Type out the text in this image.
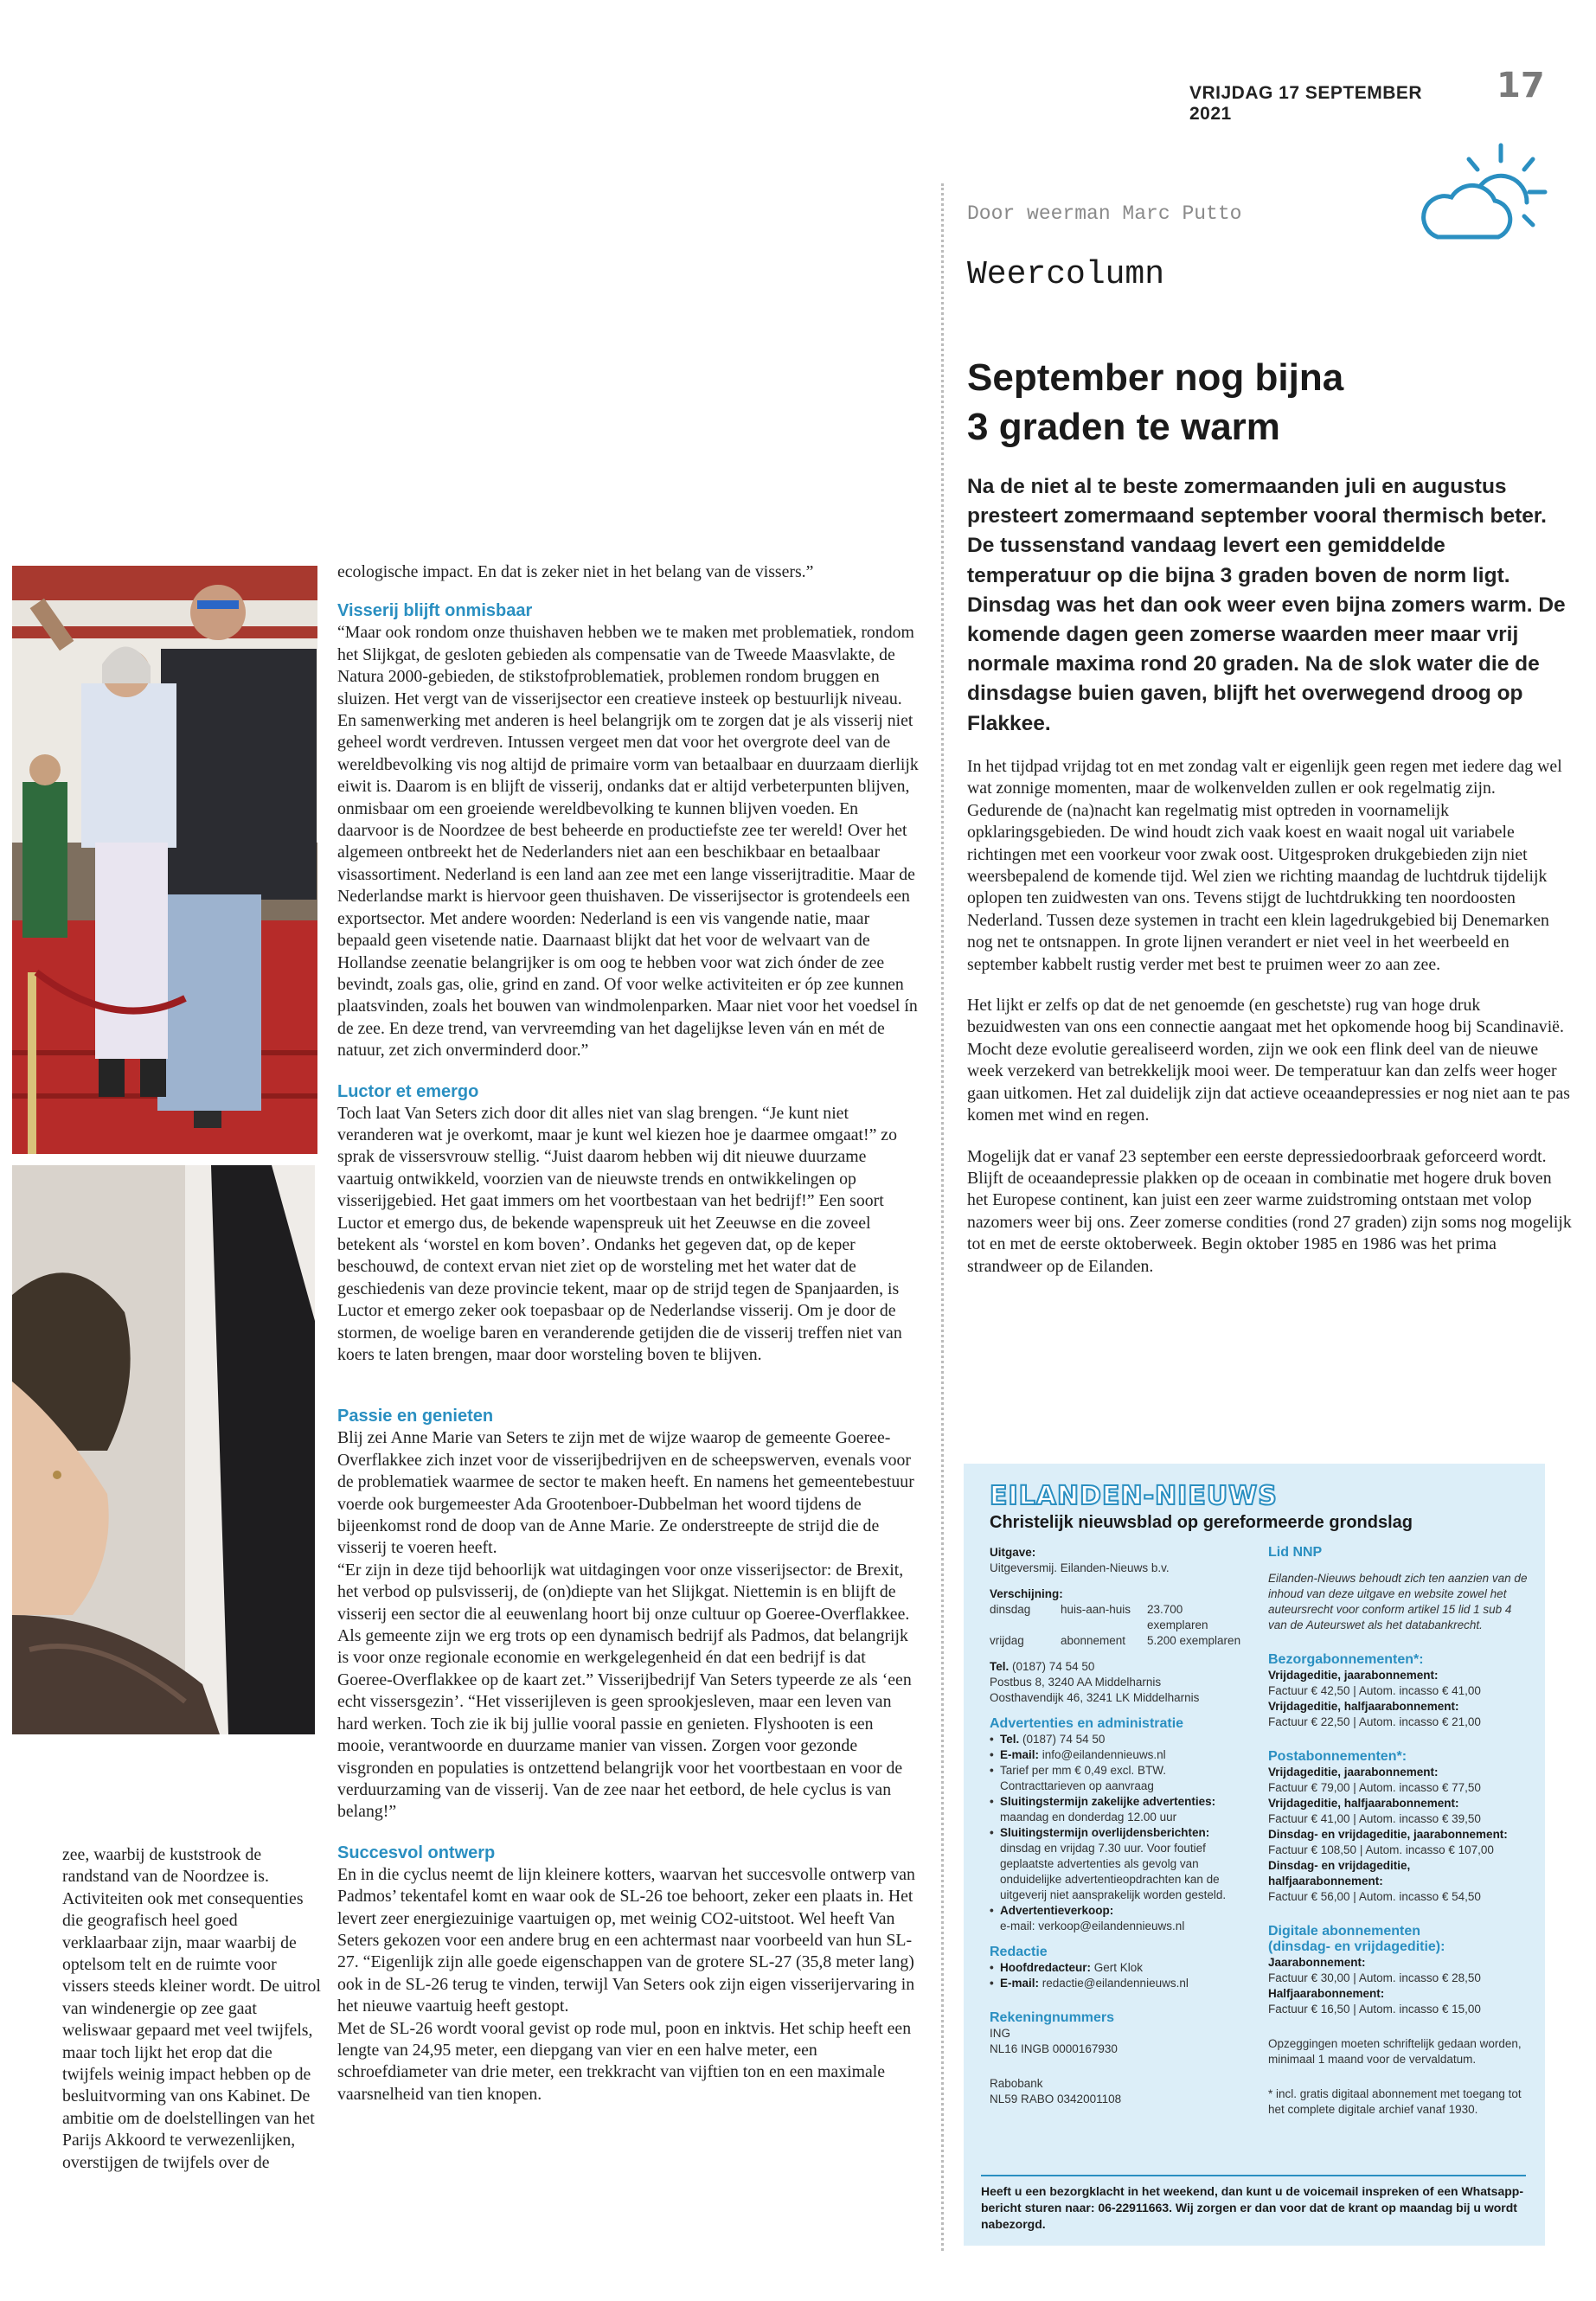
VRIJDAG 17 SEPTEMBER 2021
17
Door weerman Marc Putto
Weercolumn
September nog bijna
3 graden te warm
Na de niet al te beste zomermaanden juli en augustus presteert zomermaand september vooral thermisch beter. De tussenstand vandaag levert een gemiddelde temperatuur op die bijna 3 graden boven de norm ligt. Dinsdag was het dan ook weer even bijna zomers warm. De komende dagen geen zomerse waarden meer maar vrij normale maxima rond 20 graden. Na de slok water die de dinsdagse buien gaven, blijft het overwegend droog op Flakkee.

In het tijdpad vrijdag tot en met zondag valt er eigenlijk geen regen met iedere dag wel wat zonnige momenten, maar de wolkenvelden zullen er ook regelmatig zijn. Gedurende de (na)nacht kan regelmatig mist optreden in voornamelijk opklaringsgebieden. De wind houdt zich vaak koest en waait nogal uit variabele richtingen met een voorkeur voor zwak oost. Uitgesproken drukgebieden zijn niet weersbepalend de komende tijd. Wel zien we richting maandag de luchtdruk tijdelijk oplopen ten zuidwesten van ons. Tevens stijgt de luchtdrukking ten noordoosten Nederland. Tussen deze systemen in tracht een klein lagedrukgebied bij Denemarken nog net te ontsnappen. In grote lijnen verandert er niet veel in het weerbeeld en september kabbelt rustig verder met best te pruimen weer zo aan zee.

Het lijkt er zelfs op dat de net genoemde (en geschetste) rug van hoge druk bezuidwesten van ons een connectie aangaat met het opkomende hoog bij Scandinavië. Mocht deze evolutie gerealiseerd worden, zijn we ook een flink deel van de nieuwe week verzekerd van betrekkelijk mooi weer. De temperatuur kan dan zelfs weer hoger gaan uitkomen. Het zal duidelijk zijn dat actieve oceaandepressies er nog niet aan te pas komen met wind en regen.

Mogelijk dat er vanaf 23 september een eerste depressiedoorbraak geforceerd wordt. Blijft de oceaandepressie plakken op de oceaan in combinatie met hogere druk boven het Europese continent, kan juist een zeer warme zuidstroming ontstaan met volop nazomers weer bij ons. Zeer zomerse condities (rond 27 graden) zijn soms nog mogelijk tot en met de eerste oktoberweek. Begin oktober 1985 en 1986 was het prima strandweer op de Eilanden.

zee, waarbij de kuststrook de randstand van de Noordzee is. Activiteiten ook met consequenties die geografisch heel goed verklaarbaar zijn, maar waarbij de optelsom telt en de ruimte voor vissers steeds kleiner wordt. De uitrol van windenergie op zee gaat weliswaar gepaard met veel twijfels, maar toch lijkt het erop dat die twijfels weinig impact hebben op de besluitvorming van ons Kabinet. De ambitie om de doelstellingen van het Parijs Akkoord te verwezenlijken, overstijgen de twijfels over de

ecologische impact. En dat is zeker niet in het belang van de vissers.”

Visserij blijft onmisbaar

“Maar ook rondom onze thuishaven hebben we te maken met problematiek, rondom het Slijkgat, de gesloten gebieden als compensatie van de Tweede Maasvlakte, de Natura 2000-gebieden, de stikstofproblematiek, problemen rondom bruggen en sluizen. Het vergt van de visserijsector een creatieve insteek op bestuurlijk niveau. En samenwerking met anderen is heel belangrijk om te zorgen dat je als visserij niet geheel wordt verdreven. Intussen vergeet men dat voor het overgrote deel van de wereldbevolking vis nog altijd de primaire vorm van betaalbaar en duurzaam dierlijk eiwit is. Daarom is en blijft de visserij, ondanks dat er altijd verbeterpunten blijven, onmisbaar om een groeiende wereldbevolking te kunnen blijven voeden. En daarvoor is de Noordzee de best beheerde en productiefste zee ter wereld! Over het algemeen ontbreekt het de Nederlanders niet aan een beschikbaar en betaalbaar visassortiment. Nederland is een land aan zee met een lange visserijtraditie. Maar de Nederlandse markt is hiervoor geen thuishaven. De visserijsector is grotendeels een exportsector. Met andere woorden: Nederland is een vis vangende natie, maar bepaald geen visetende natie. Daarnaast blijkt dat het voor de welvaart van de Hollandse zeenatie belangrijker is om oog te hebben voor wat zich ónder de zee bevindt, zoals gas, olie, grind en zand. Of voor welke activiteiten er óp zee kunnen plaatsvinden, zoals het bouwen van windmolenparken. Maar niet voor het voedsel ín de zee. En deze trend, van vervreemding van het dagelijkse leven ván en mét de natuur, zet zich onverminderd door.”

Luctor et emergo

Toch laat Van Seters zich door dit alles niet van slag brengen. “Je kunt niet veranderen wat je overkomt, maar je kunt wel kiezen hoe je daarmee omgaat!” zo sprak de vissersvrouw stellig. “Juist daarom hebben wij dit nieuwe duurzame vaartuig ontwikkeld, voorzien van de nieuwste trends en ontwikkelingen op visserijgebied. Het gaat immers om het voortbestaan van het bedrijf!” Een soort Luctor et emergo dus, de bekende wapenspreuk uit het Zeeuwse en die zoveel betekent als ‘worstel en kom boven’. Ondanks het gegeven dat, op de keper beschouwd, de context ervan niet ziet op de worsteling met het water dat de geschiedenis van deze provincie tekent, maar op de strijd tegen de Spanjaarden, is Luctor et emergo zeker ook toepasbaar op de Nederlandse visserij. Om je door de stormen, de woelige baren en veranderende getijden die de visserij treffen niet van koers te laten brengen, maar door worsteling boven te blijven.

Passie en genieten

Blij zei Anne Marie van Seters te zijn met de wijze waarop de gemeente Goeree-Overflakkee zich inzet voor de visserijbedrijven en de scheepswerven, evenals voor de problematiek waarmee de sector te maken heeft. En namens het gemeentebestuur voerde ook burgemeester Ada Grootenboer-Dubbelman het woord tijdens de bijeenkomst rond de doop van de Anne Marie. Ze onderstreepte de strijd die de visserij te voeren heeft.

“Er zijn in deze tijd behoorlijk wat uitdagingen voor onze visserijsector: de Brexit, het verbod op pulsvisserij, de (on)diepte van het Slijkgat. Niettemin is en blijft de visserij een sector die al eeuwenlang hoort bij onze cultuur op Goeree-Overflakkee. Als gemeente zijn we erg trots op een dynamisch bedrijf als Padmos, dat belangrijk is voor onze regionale economie en werkgelegenheid én dat een bedrijf is dat Goeree-Overflakkee op de kaart zet.” Visserijbedrijf Van Seters typeerde ze als ‘een echt vissersgezin’. “Het visserijleven is geen sprookjesleven, maar een leven van hard werken. Toch zie ik bij jullie vooral passie en genieten. Flyshooten is een mooie, verantwoorde en duurzame manier van vissen. Zorgen voor gezonde visgronden en populaties is ontzettend belangrijk voor het voortbestaan en voor de verduurzaming van de visserij. Van de zee naar het eetbord, de hele cyclus is van belang!”

Succesvol ontwerp

En in die cyclus neemt de lijn kleinere kotters, waarvan het succesvolle ontwerp van Padmos’ tekentafel komt en waar ook de SL-26 toe behoort, zeker een plaats in. Het levert zeer energiezuinige vaartuigen op, met weinig CO2-uitstoot. Wel heeft Van Seters gekozen voor een andere brug en een achtermast naar voorbeeld van hun SL-27. “Eigenlijk zijn alle goede eigenschappen van de grotere SL-27 (35,8 meter lang) ook in de SL-26 terug te vinden, terwijl Van Seters ook zijn eigen visserijervaring in het nieuwe vaartuig heeft gestopt.

Met de SL-26 wordt vooral gevist op rode mul, poon en inktvis. Het schip heeft een lengte van 24,95 meter, een diepgang van vier en een halve meter, een schroefdiameter van drie meter, een trekkracht van vijftien ton en een maximale vaarsnelheid van tien knopen.

EILANDEN-NIEUWS
Christelijk nieuwsblad op gereformeerde grondslag
Uitgave:
Uitgeversmij. Eilanden-Nieuws b.v.
Verschijning:
dinsdag	huis-aan-huis	23.700 exemplaren
vrijdag	abonnement	5.200 exemplaren
Tel. (0187) 74 54 50
Postbus 8, 3240 AA Middelharnis
Oosthavendijk 46, 3241 LK Middelharnis
Advertenties en administratie
• Tel. (0187) 74 54 50
• E-mail: info@eilandennieuws.nl
• Tarief per mm € 0,49 excl. BTW.
Contracttarieven op aanvraag
• Sluitingstermijn zakelijke advertenties:
maandag en donderdag 12.00 uur
• Sluitingstermijn overlijdensberichten:
dinsdag en vrijdag 7.30 uur. Voor foutief
geplaatste advertenties als gevolg van
onduidelijke advertentieopdrachten kan de
uitgeverij niet aansprakelijk worden gesteld.
• Advertentieverkoop:
e-mail: verkoop@eilandennieuws.nl
Redactie
• Hoofdredacteur: Gert Klok
• E-mail: redactie@eilandennieuws.nl
Rekeningnummers
ING
NL16 INGB 0000167930
Rabobank
NL59 RABO 0342001108
Lid NNP
Eilanden-Nieuws behoudt zich ten aanzien van de inhoud van deze uitgave en website zowel het auteursrecht voor conform artikel 15 lid 1 sub 4 van de Auteurswet als het databankrecht.
Bezorgabonnementen*:
Vrijdageditie, jaarabonnement:
Factuur € 42,50 | Autom. incasso € 41,00
Vrijdageditie, halfjaarabonnement:
Factuur € 22,50 | Autom. incasso € 21,00
Postabonnementen*:
Vrijdageditie, jaarabonnement:
Factuur € 79,00 | Autom. incasso € 77,50
Vrijdageditie, halfjaarabonnement:
Factuur € 41,00 | Autom. incasso € 39,50
Dinsdag- en vrijdageditie, jaarabonnement:
Factuur € 108,50 | Autom. incasso € 107,00
Dinsdag- en vrijdageditie, halfjaarabonnement:
Factuur € 56,00 | Autom. incasso € 54,50
Digitale abonnementen
(dinsdag- en vrijdageditie):
Jaarabonnement:
Factuur € 30,00 | Autom. incasso € 28,50
Halfjaarabonnement:
Factuur € 16,50 | Autom. incasso € 15,00
Opzeggingen moeten schriftelijk gedaan worden, minimaal 1 maand voor de vervaldatum.
* incl. gratis digitaal abonnement met toegang tot het complete digitale archief vanaf 1930.
Heeft u een bezorgklacht in het weekend, dan kunt u de voicemail inspreken of een Whatsapp-bericht sturen naar: 06-22911663. Wij zorgen er dan voor dat de krant op maandag bij u wordt nabezorgd.
